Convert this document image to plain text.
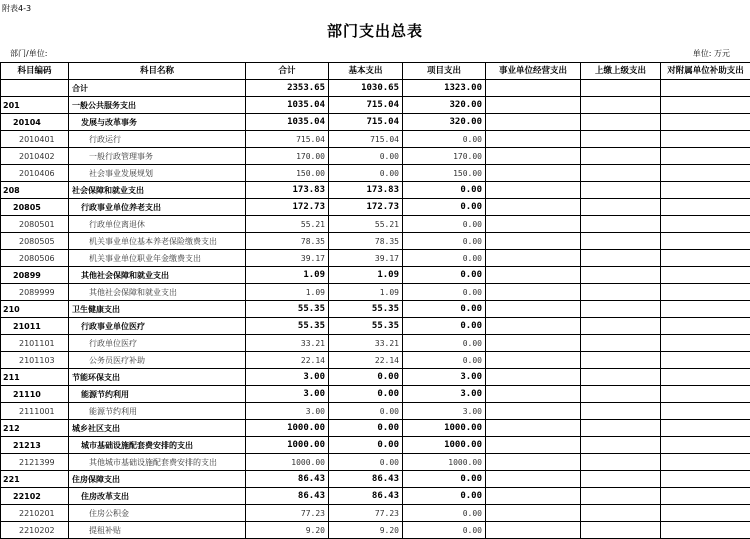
附表4-3
部门支出总表
部门/单位:	单位: 万元
科目编码	科目名称	合计	基本支出	项目支出	事业单位经营支出	上缴上级支出	对附属单位补助支出
	合计	2353.65	1030.65	1323.00			
201	一般公共服务支出	1035.04	715.04	320.00			
20104	发展与改革事务	1035.04	715.04	320.00			
2010401	行政运行	715.04	715.04	0.00			
2010402	一般行政管理事务	170.00	0.00	170.00			
2010406	社会事业发展规划	150.00	0.00	150.00			
208	社会保障和就业支出	173.83	173.83	0.00			
20805	行政事业单位养老支出	172.73	172.73	0.00			
2080501	行政单位离退休	55.21	55.21	0.00			
2080505	机关事业单位基本养老保险缴费支出	78.35	78.35	0.00			
2080506	机关事业单位职业年金缴费支出	39.17	39.17	0.00			
20899	其他社会保障和就业支出	1.09	1.09	0.00			
2089999	其他社会保障和就业支出	1.09	1.09	0.00			
210	卫生健康支出	55.35	55.35	0.00			
21011	行政事业单位医疗	55.35	55.35	0.00			
2101101	行政单位医疗	33.21	33.21	0.00			
2101103	公务员医疗补助	22.14	22.14	0.00			
211	节能环保支出	3.00	0.00	3.00			
21110	能源节约利用	3.00	0.00	3.00			
2111001	能源节约利用	3.00	0.00	3.00			
212	城乡社区支出	1000.00	0.00	1000.00			
21213	城市基础设施配套费安排的支出	1000.00	0.00	1000.00			
2121399	其他城市基础设施配套费安排的支出	1000.00	0.00	1000.00			
221	住房保障支出	86.43	86.43	0.00			
22102	住房改革支出	86.43	86.43	0.00			
2210201	住房公积金	77.23	77.23	0.00			
2210202	提租补贴	9.20	9.20	0.00			
